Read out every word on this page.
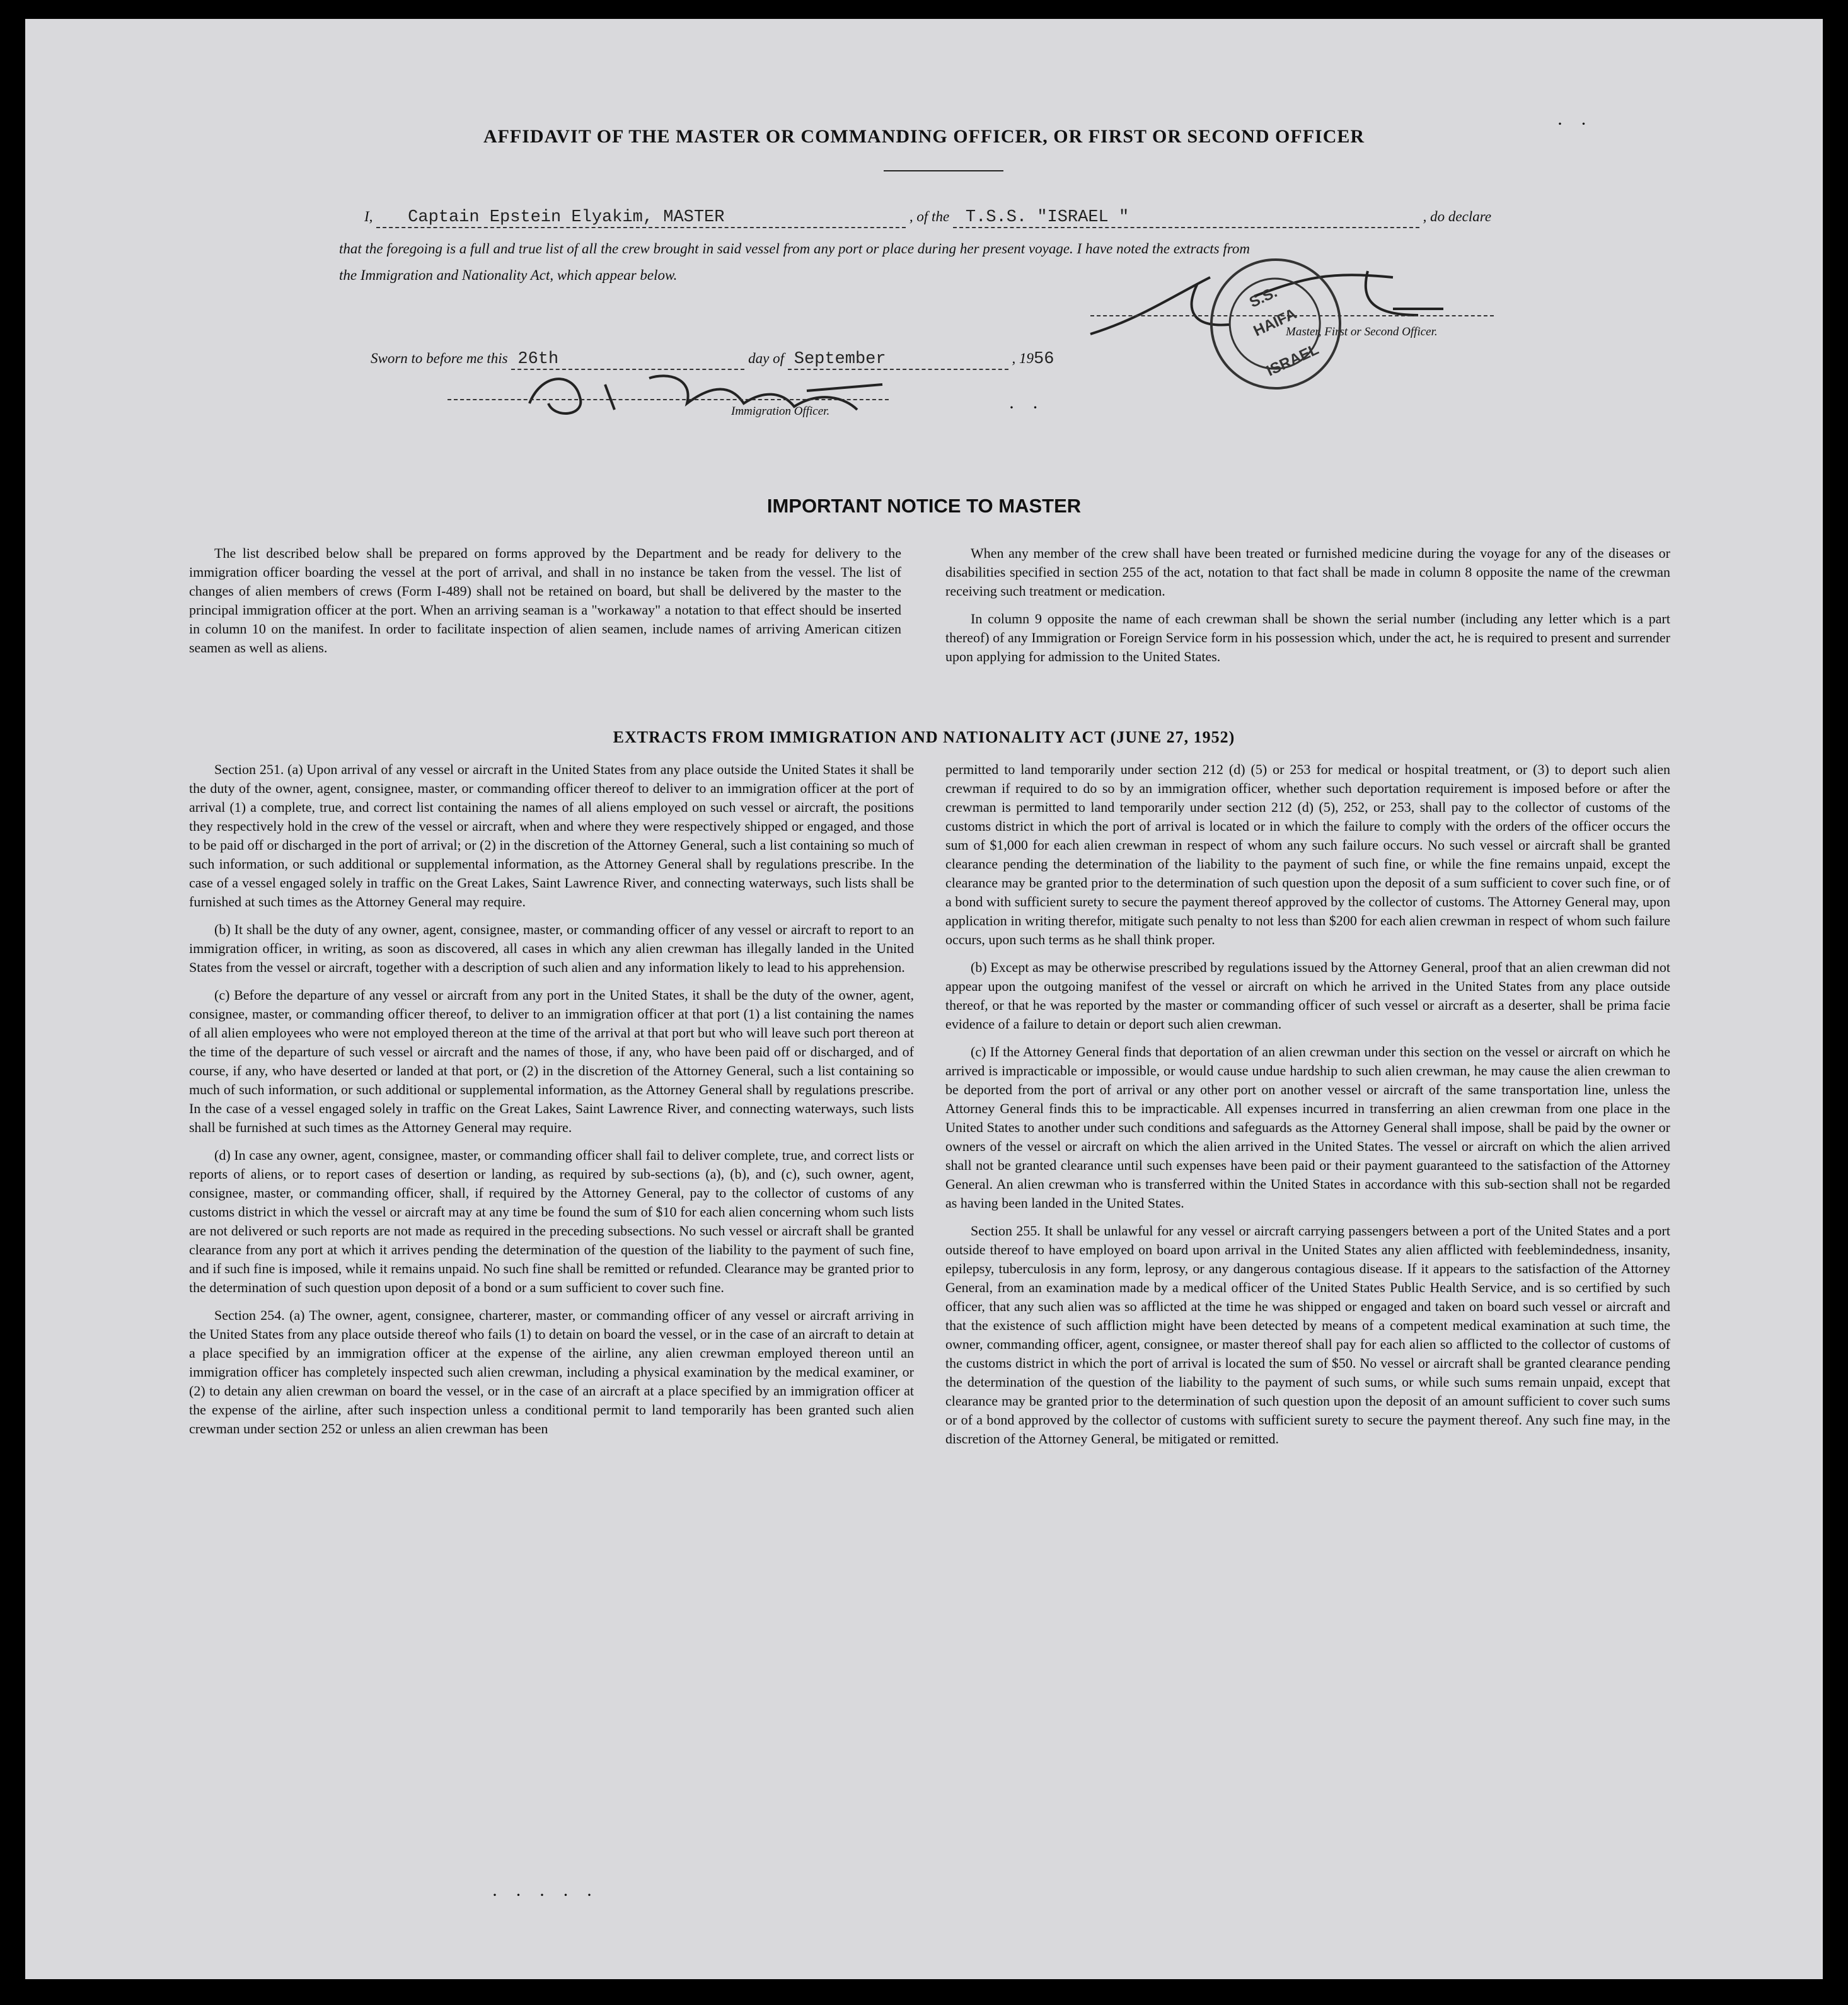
AFFIDAVIT OF THE MASTER OR COMMANDING OFFICER, OR FIRST OR SECOND OFFICER
I, Captain Epstein Elyakim, MASTER	, of the T.S.S. "ISRAEL "	, do declare
that the foregoing is a full and true list of all the crew brought in said vessel from any port or place during her present voyage. I have noted the extracts from
the Immigration and Nationality Act, which appear below.
Master, First or Second Officer.
S.S.
HAIFA
ISRAEL
Sworn to before me this 26th	day of September	, 1956
Immigration Officer.
IMPORTANT NOTICE TO MASTER

The list described below shall be prepared on forms approved by the Department and be ready for delivery to the immigration officer boarding the vessel at the port of arrival, and shall in no instance be taken from the vessel. The list of changes of alien members of crews (Form I-489) shall not be retained on board, but shall be delivered by the master to the principal immigration officer at the port. When an arriving seaman is a "workaway" a notation to that effect should be inserted in column 10 on the manifest. In order to facilitate inspection of alien seamen, include names of arriving American citizen seamen as well as aliens.

When any member of the crew shall have been treated or furnished medicine during the voyage for any of the diseases or disabilities specified in section 255 of the act, notation to that fact shall be made in column 8 opposite the name of the crewman receiving such treatment or medication.

In column 9 opposite the name of each crewman shall be shown the serial number (including any letter which is a part thereof) of any Immigration or Foreign Service form in his possession which, under the act, he is required to present and surrender upon applying for admission to the United States.

EXTRACTS FROM IMMIGRATION AND NATIONALITY ACT (JUNE 27, 1952)

Section 251. (a) Upon arrival of any vessel or aircraft in the United States from any place outside the United States it shall be the duty of the owner, agent, consignee, master, or commanding officer thereof to deliver to an immigration officer at the port of arrival (1) a complete, true, and correct list containing the names of all aliens employed on such vessel or aircraft, the positions they respectively hold in the crew of the vessel or aircraft, when and where they were respectively shipped or engaged, and those to be paid off or discharged in the port of arrival; or (2) in the discretion of the Attorney General, such a list containing so much of such information, or such additional or supplemental information, as the Attorney General shall by regulations prescribe. In the case of a vessel engaged solely in traffic on the Great Lakes, Saint Lawrence River, and connecting waterways, such lists shall be furnished at such times as the Attorney General may require.

(b) It shall be the duty of any owner, agent, consignee, master, or commanding officer of any vessel or aircraft to report to an immigration officer, in writing, as soon as discovered, all cases in which any alien crewman has illegally landed in the United States from the vessel or aircraft, together with a description of such alien and any information likely to lead to his apprehension.

(c) Before the departure of any vessel or aircraft from any port in the United States, it shall be the duty of the owner, agent, consignee, master, or commanding officer thereof, to deliver to an immigration officer at that port (1) a list containing the names of all alien employees who were not employed thereon at the time of the arrival at that port but who will leave such port thereon at the time of the departure of such vessel or aircraft and the names of those, if any, who have been paid off or discharged, and of course, if any, who have deserted or landed at that port, or (2) in the discretion of the Attorney General, such a list containing so much of such information, or such additional or supplemental information, as the Attorney General shall by regulations prescribe. In the case of a vessel engaged solely in traffic on the Great Lakes, Saint Lawrence River, and connecting waterways, such lists shall be furnished at such times as the Attorney General may require.

(d) In case any owner, agent, consignee, master, or commanding officer shall fail to deliver complete, true, and correct lists or reports of aliens, or to report cases of desertion or landing, as required by sub-sections (a), (b), and (c), such owner, agent, consignee, master, or commanding officer, shall, if required by the Attorney General, pay to the collector of customs of any customs district in which the vessel or aircraft may at any time be found the sum of $10 for each alien concerning whom such lists are not delivered or such reports are not made as required in the preceding subsections. No such vessel or aircraft shall be granted clearance from any port at which it arrives pending the determination of the question of the liability to the payment of such fine, and if such fine is imposed, while it remains unpaid. No such fine shall be remitted or refunded. Clearance may be granted prior to the determination of such question upon deposit of a bond or a sum sufficient to cover such fine.

Section 254. (a) The owner, agent, consignee, charterer, master, or commanding officer of any vessel or aircraft arriving in the United States from any place outside thereof who fails (1) to detain on board the vessel, or in the case of an aircraft to detain at a place specified by an immigration officer at the expense of the airline, any alien crewman employed thereon until an immigration officer has completely inspected such alien crewman, including a physical examination by the medical examiner, or (2) to detain any alien crewman on board the vessel, or in the case of an aircraft at a place specified by an immigration officer at the expense of the airline, after such inspection unless a conditional permit to land temporarily has been granted such alien crewman under section 252 or unless an alien crewman has been

permitted to land temporarily under section 212 (d) (5) or 253 for medical or hospital treatment, or (3) to deport such alien crewman if required to do so by an immigration officer, whether such deportation requirement is imposed before or after the crewman is permitted to land temporarily under section 212 (d) (5), 252, or 253, shall pay to the collector of customs of the customs district in which the port of arrival is located or in which the failure to comply with the orders of the officer occurs the sum of $1,000 for each alien crewman in respect of whom any such failure occurs. No such vessel or aircraft shall be granted clearance pending the determination of the liability to the payment of such fine, or while the fine remains unpaid, except the clearance may be granted prior to the determination of such question upon the deposit of a sum sufficient to cover such fine, or of a bond with sufficient surety to secure the payment thereof approved by the collector of customs. The Attorney General may, upon application in writing therefor, mitigate such penalty to not less than $200 for each alien crewman in respect of whom such failure occurs, upon such terms as he shall think proper.

(b) Except as may be otherwise prescribed by regulations issued by the Attorney General, proof that an alien crewman did not appear upon the outgoing manifest of the vessel or aircraft on which he arrived in the United States from any place outside thereof, or that he was reported by the master or commanding officer of such vessel or aircraft as a deserter, shall be prima facie evidence of a failure to detain or deport such alien crewman.

(c) If the Attorney General finds that deportation of an alien crewman under this section on the vessel or aircraft on which he arrived is impracticable or impossible, or would cause undue hardship to such alien crewman, he may cause the alien crewman to be deported from the port of arrival or any other port on another vessel or aircraft of the same transportation line, unless the Attorney General finds this to be impracticable. All expenses incurred in transferring an alien crewman from one place in the United States to another under such conditions and safeguards as the Attorney General shall impose, shall be paid by the owner or owners of the vessel or aircraft on which the alien arrived in the United States. The vessel or aircraft on which the alien arrived shall not be granted clearance until such expenses have been paid or their payment guaranteed to the satisfaction of the Attorney General. An alien crewman who is transferred within the United States in accordance with this sub-section shall not be regarded as having been landed in the United States.

Section 255. It shall be unlawful for any vessel or aircraft carrying passengers between a port of the United States and a port outside thereof to have employed on board upon arrival in the United States any alien afflicted with feeblemindedness, insanity, epilepsy, tuberculosis in any form, leprosy, or any dangerous contagious disease. If it appears to the satisfaction of the Attorney General, from an examination made by a medical officer of the United States Public Health Service, and is so certified by such officer, that any such alien was so afflicted at the time he was shipped or engaged and taken on board such vessel or aircraft and that the existence of such affliction might have been detected by means of a competent medical examination at such time, the owner, commanding officer, agent, consignee, or master thereof shall pay for each alien so afflicted to the collector of customs of the customs district in which the port of arrival is located the sum of $50. No vessel or aircraft shall be granted clearance pending the determination of the question of the liability to the payment of such sums, or while such sums remain unpaid, except that clearance may be granted prior to the determination of such question upon the deposit of an amount sufficient to cover such sums or of a bond approved by the collector of customs with sufficient surety to secure the payment thereof. Any such fine may, in the discretion of the Attorney General, be mitigated or remitted.

· ·
· ·
· · · · ·
